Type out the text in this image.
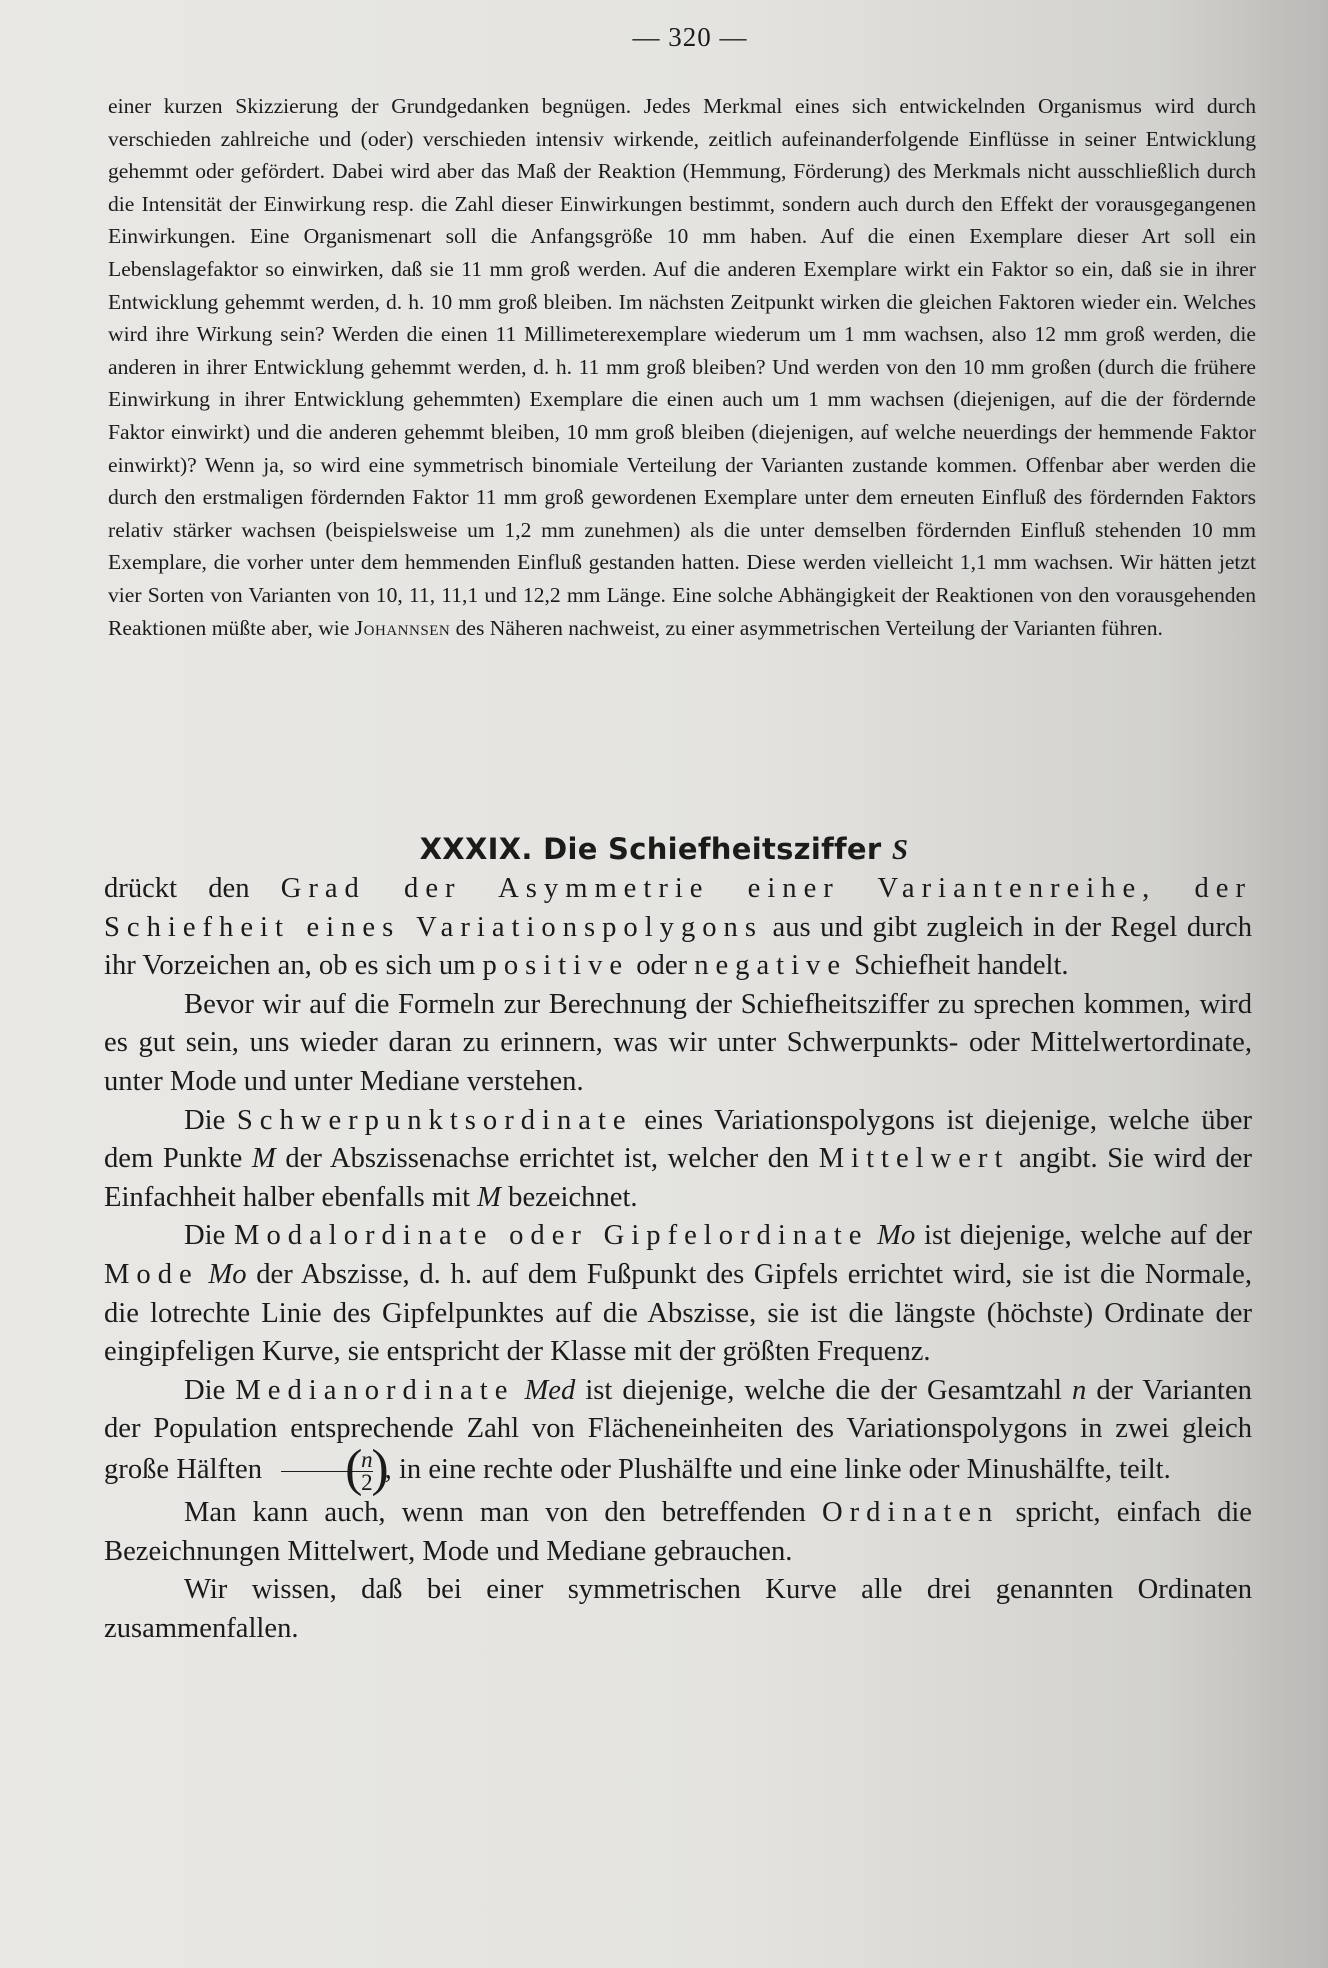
— 320 —

einer kurzen Skizzierung der Grundgedanken begnügen. Jedes Merkmal eines sich entwickelnden Organismus wird durch verschieden zahlreiche und (oder) verschieden intensiv wirkende, zeitlich aufeinanderfolgende Einflüsse in seiner Entwicklung gehemmt oder gefördert. Dabei wird aber das Maß der Reaktion (Hemmung, Förderung) des Merkmals nicht ausschließlich durch die Intensität der Einwirkung resp. die Zahl dieser Einwirkungen bestimmt, sondern auch durch den Effekt der vorausgegangenen Einwirkungen. Eine Organismenart soll die Anfangsgröße 10 mm haben. Auf die einen Exemplare dieser Art soll ein Lebenslagefaktor so einwirken, daß sie 11 mm groß werden. Auf die anderen Exemplare wirkt ein Faktor so ein, daß sie in ihrer Entwicklung gehemmt werden, d. h. 10 mm groß bleiben. Im nächsten Zeitpunkt wirken die gleichen Faktoren wieder ein. Welches wird ihre Wirkung sein? Werden die einen 11 Millimeterexemplare wiederum um 1 mm wachsen, also 12 mm groß werden, die anderen in ihrer Entwicklung gehemmt werden, d. h. 11 mm groß bleiben? Und werden von den 10 mm großen (durch die frühere Einwirkung in ihrer Entwicklung gehemmten) Exemplare die einen auch um 1 mm wachsen (diejenigen, auf die der fördernde Faktor einwirkt) und die anderen gehemmt bleiben, 10 mm groß bleiben (diejenigen, auf welche neuerdings der hemmende Faktor einwirkt)? Wenn ja, so wird eine symmetrisch binomiale Verteilung der Varianten zustande kommen. Offenbar aber werden die durch den erstmaligen fördernden Faktor 11 mm groß gewordenen Exemplare unter dem erneuten Einfluß des fördernden Faktors relativ stärker wachsen (beispielsweise um 1,2 mm zunehmen) als die unter demselben fördernden Einfluß stehenden 10 mm Exemplare, die vorher unter dem hemmenden Einfluß gestanden hatten. Diese werden vielleicht 1,1 mm wachsen. Wir hätten jetzt vier Sorten von Varianten von 10, 11, 11,1 und 12,2 mm Länge. Eine solche Abhängigkeit der Reaktionen von den vorausgehenden Reaktionen müßte aber, wie Johannsen des Näheren nachweist, zu einer asymmetrischen Verteilung der Varianten führen.

XXXIX. Die Schiefheitsziffer S

drückt den Grad der Asymmetrie einer Variantenreihe, der Schiefheit eines Variationspolygons aus und gibt zugleich in der Regel durch ihr Vorzeichen an, ob es sich um positive oder negative Schiefheit handelt.

Bevor wir auf die Formeln zur Berechnung der Schiefheitsziffer zu sprechen kommen, wird es gut sein, uns wieder daran zu erinnern, was wir unter Schwerpunkts- oder Mittelwertordinate, unter Mode und unter Mediane verstehen.

Die Schwerpunktsordinate eines Variationspolygons ist diejenige, welche über dem Punkte M der Abszissenachse errichtet ist, welcher den Mittelwert angibt. Sie wird der Einfachheit halber ebenfalls mit M bezeichnet.

Die Modalordinate oder Gipfelordinate Mo ist diejenige, welche auf der Mode Mo der Abszisse, d. h. auf dem Fußpunkt des Gipfels errichtet wird, sie ist die Normale, die lotrechte Linie des Gipfelpunktes auf die Abszisse, sie ist die längste (höchste) Ordinate der eingipfeligen Kurve, sie entspricht der Klasse mit der größten Frequenz.

Die Medianordinate Med ist diejenige, welche die der Gesamtzahl n der Varianten der Population entsprechende Zahl von Flächeneinheiten des Variationspolygons in zwei gleich große Hälften
( $\frac{n}{2}$
) , in eine rechte oder Plushälfte und eine linke oder Minushälfte, teilt.

Man kann auch, wenn man von den betreffenden Ordinaten spricht, einfach die Bezeichnungen Mittelwert, Mode und Mediane gebrauchen.

Wir wissen, daß bei einer symmetrischen Kurve alle drei genannten Ordinaten zusammenfallen.
